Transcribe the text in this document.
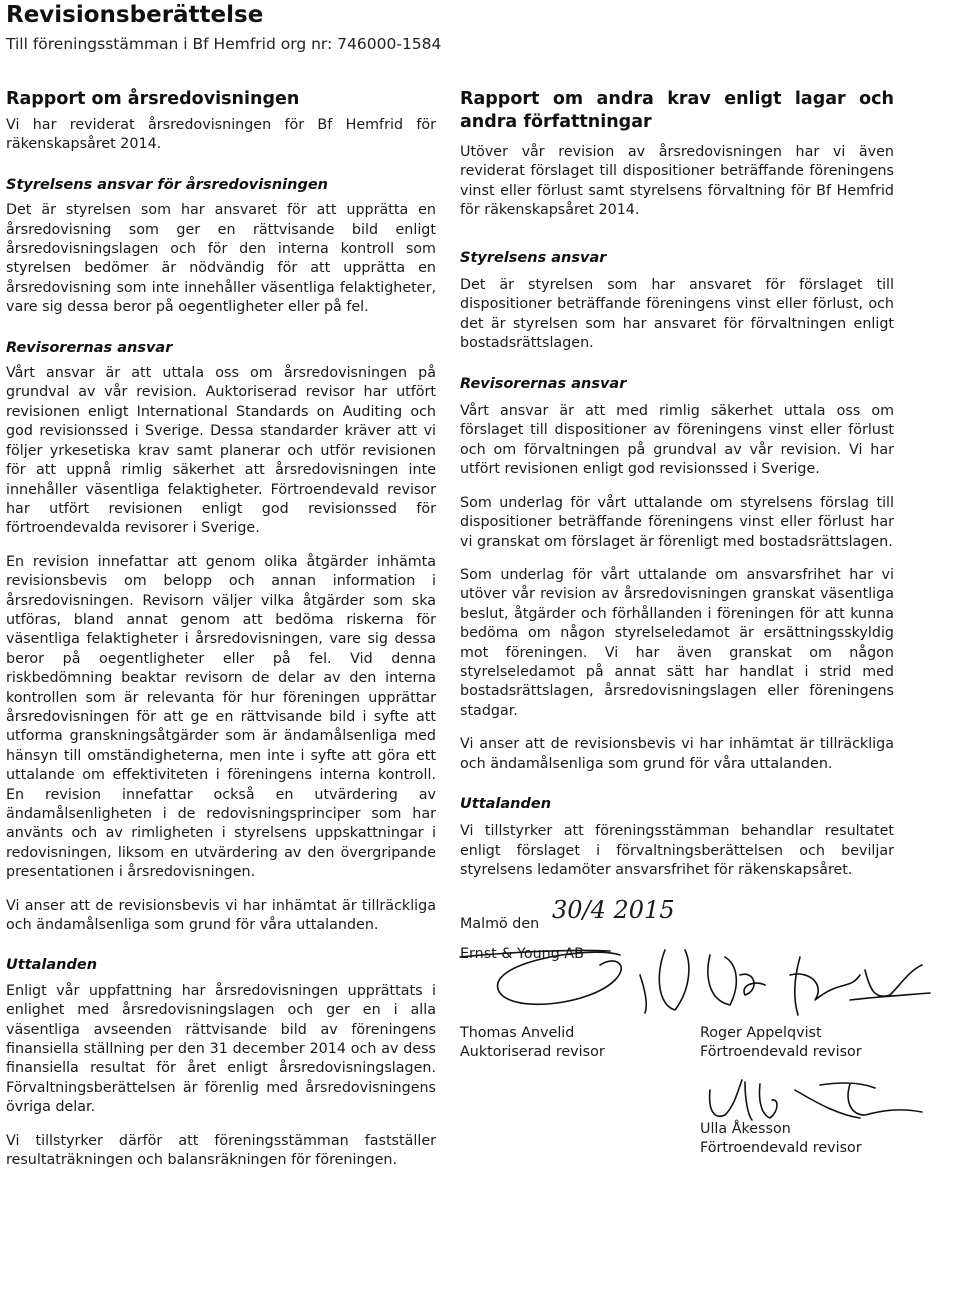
Revisionsberättelse
Till föreningsstämman i Bf Hemfrid org nr: 746000-1584

Rapport om årsredovisningen

Vi har reviderat årsredovisningen för Bf Hemfrid för räkenskapsåret 2014.

Styrelsens ansvar för årsredovisningen

Det är styrelsen som har ansvaret för att upprätta en årsredovisning som ger en rättvisande bild enligt årsredovisningslagen och för den interna kontroll som styrelsen bedömer är nödvändig för att upprätta en årsredovisning som inte innehåller väsentliga felaktigheter, vare sig dessa beror på oegentligheter eller på fel.

Revisorernas ansvar

Vårt ansvar är att uttala oss om årsredovisningen på grundval av vår revision. Auktoriserad revisor har utfört revisionen enligt International Standards on Auditing och god revisionssed i Sverige. Dessa standarder kräver att vi följer yrkesetiska krav samt planerar och utför revisionen för att uppnå rimlig säkerhet att årsredovisningen inte innehåller väsentliga felaktigheter. Förtroendevald revisor har utfört revisionen enligt god revisionssed för förtroendevalda revisorer i Sverige.

En revision innefattar att genom olika åtgärder inhämta revisionsbevis om belopp och annan information i årsredovisningen. Revisorn väljer vilka åtgärder som ska utföras, bland annat genom att bedöma riskerna för väsentliga felaktigheter i årsredovisningen, vare sig dessa beror på oegentligheter eller på fel. Vid denna riskbedömning beaktar revisorn de delar av den interna kontrollen som är relevanta för hur föreningen upprättar årsredovisningen för att ge en rättvisande bild i syfte att utforma granskningsåtgärder som är ändamålsenliga med hänsyn till omständigheterna, men inte i syfte att göra ett uttalande om effektiviteten i föreningens interna kontroll. En revision innefattar också en utvärdering av ändamålsenligheten i de redovisningsprinciper som har använts och av rimligheten i styrelsens uppskattningar i redovisningen, liksom en utvärdering av den övergripande presentationen i årsredovisningen.

Vi anser att de revisionsbevis vi har inhämtat är tillräckliga och ändamålsenliga som grund för våra uttalanden.

Uttalanden

Enligt vår uppfattning har årsredovisningen upprättats i enlighet med årsredovisningslagen och ger en i alla väsentliga avseenden rättvisande bild av föreningens finansiella ställning per den 31 december 2014 och av dess finansiella resultat för året enligt årsredovisningslagen. Förvaltningsberättelsen är förenlig med årsredovisningens övriga delar.

Vi tillstyrker därför att föreningsstämman fastställer resultaträkningen och balansräkningen för föreningen.

Rapport om andra krav enligt lagar och andra författningar

Utöver vår revision av årsredovisningen har vi även reviderat förslaget till dispositioner beträffande föreningens vinst eller förlust samt styrelsens förvaltning för Bf Hemfrid för räkenskapsåret 2014.

Styrelsens ansvar

Det är styrelsen som har ansvaret för förslaget till dispositioner beträffande föreningens vinst eller förlust, och det är styrelsen som har ansvaret för förvaltningen enligt bostadsrättslagen.

Revisorernas ansvar

Vårt ansvar är att med rimlig säkerhet uttala oss om förslaget till dispositioner av föreningens vinst eller förlust och om förvaltningen på grundval av vår revision. Vi har utfört revisionen enligt god revisionssed i Sverige.

Som underlag för vårt uttalande om styrelsens förslag till dispositioner beträffande föreningens vinst eller förlust har vi granskat om förslaget är förenligt med bostadsrättslagen.

Som underlag för vårt uttalande om ansvarsfrihet har vi utöver vår revision av årsredovisningen granskat väsentliga beslut, åtgärder och förhållanden i föreningen för att kunna bedöma om någon styrelseledamot är ersättningsskyldig mot föreningen. Vi har även granskat om någon styrelseledamot på annat sätt har handlat i strid med bostadsrättslagen, årsredovisningslagen eller föreningens stadgar.

Vi anser att de revisionsbevis vi har inhämtat är tillräckliga och ändamålsenliga som grund för våra uttalanden.

Uttalanden

Vi tillstyrker att föreningsstämman behandlar resultatet enligt förslaget i förvaltningsberättelsen och beviljar styrelsens ledamöter ansvarsfrihet för räkenskapsåret.

Malmö den 30/4 2015
Ernst & Young AB
Thomas Anvelid
Auktoriserad revisor
Roger Appelqvist
Förtroendevald revisor
Ulla Åkesson
Förtroendevald revisor
